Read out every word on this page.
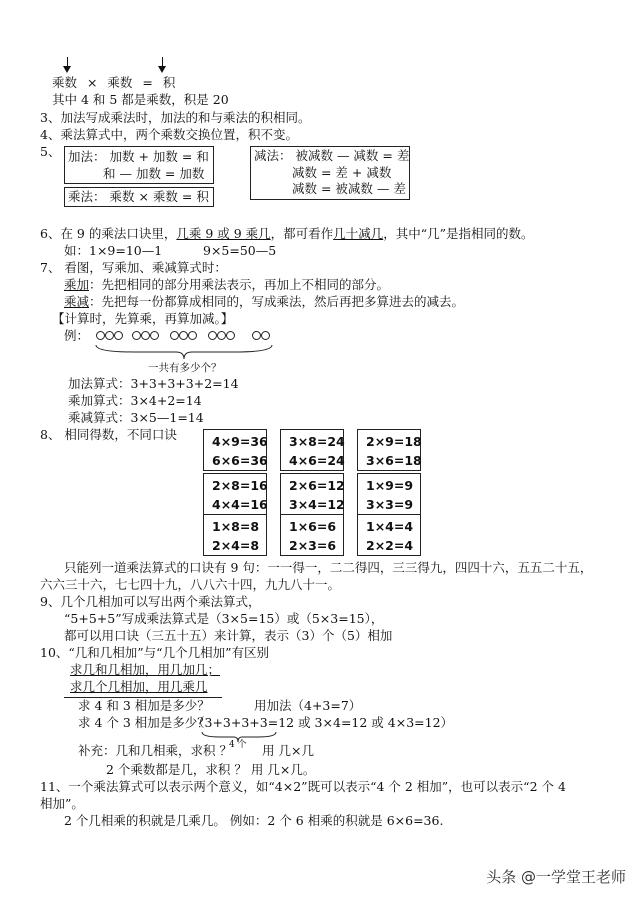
乘数 × 乘数 = 积
其中 4 和 5 都是乘数，积是 20
3、加法写成乘法时，加法的和与乘法的积相同。
4、乘法算式中，两个乘数交换位置，积不变。
5、 加法： 加数 + 加数 = 和
和 — 加数 = 加数
乘法： 乘数 × 乘数 = 积
减法： 被减数 — 减数 = 差
减数 = 差 + 减数
减数 = 被减数 — 差
6、在 9 的乘法口诀里，几乘 9 或 9 乘几，都可看作几十减几，其中“几”是指相同的数。
如：1×9=10—1	9×5=50—5
7、 看图，写乘加、乘减算式时：
乘加：先把相同的部分用乘法表示，再加上不相同的部分。
乘减：先把每一份都算成相同的，写成乘法，然后再把多算进去的减去。
【计算时，先算乘，再算加减。】
例：
一共有多少个？
加法算式：3+3+3+3+2=14
乘加算式：3×4+2=14
乘减算式：3×5—1=14
8、 相同得数，不同口诀	4×9=36
6×6=36
3×8=24
4×6=24
2×9=18
3×6=18
2×8=16
4×4=16
2×6=12
3×4=12
1×9=9
3×3=9
1×8=8
2×4=8
1×6=6
2×3=6
1×4=4
2×2=4
只能列一道乘法算式的口诀有 9 句：一一得一，二二得四，三三得九，四四十六，五五二十五，
六六三十六，七七四十九，八八六十四，九九八十一。
9、几个几相加可以写出两个乘法算式，
“5+5+5”写成乘法算式是（3×5=15）或（5×3=15），
都可以用口诀（三五十五）来计算，表示（3）个（5）相加
10、“几和几相加”与“几个几相加”有区别
求几和几相加，用几加几；
求几个几相加，用几乘几
求 4 和 3 相加是多少？	用加法（4+3=7）
求 4 个 3 相加是多少？
（3+3+3+3=12 或 3×4=12 或 4×3=12）
4 个
补充：几和几相乘，求积 ？ 用 几×几
2 个乘数都是几，求积 ？ 用 几×几。
11、一个乘法算式可以表示两个意义，如“4×2”既可以表示“4 个 2 相加”，也可以表示“2 个 4
相加”。
2 个几相乘的积就是几乘几。 例如：2 个 6 相乘的积就是 6×6=36.
头条 @一学堂王老师
